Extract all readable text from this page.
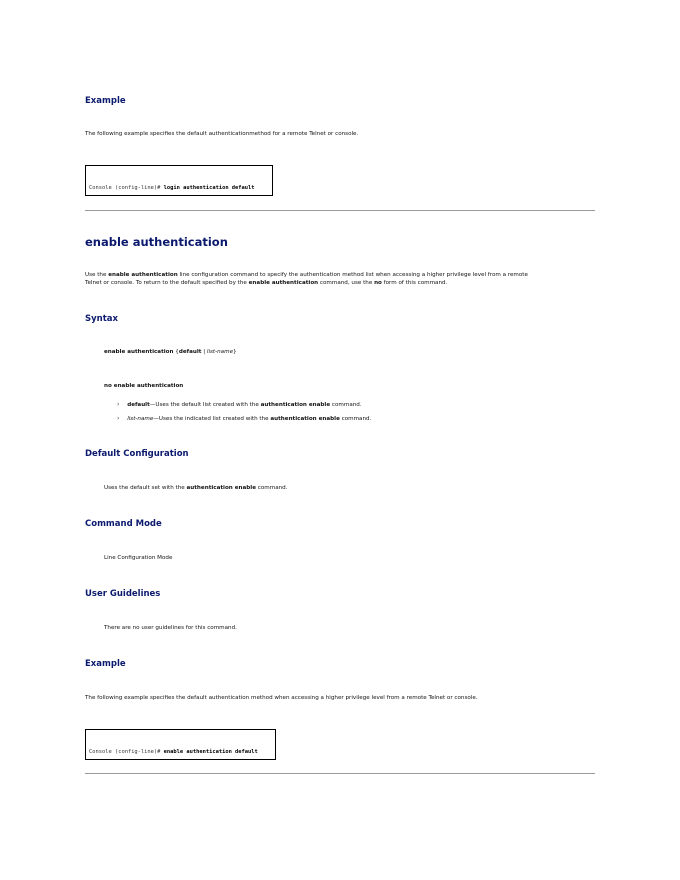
Example
The following example specifies the default authenticationmethod for a remote Telnet or console.
Console (config-line)# login authentication default
enable authentication
Use the enable authentication line configuration command to specify the authentication method list when accessing a higher privilege level from a remote
Telnet or console. To return to the default specified by the enable authentication command, use the no form of this command.
Syntax
enable authentication {default | list-name}
no enable authentication
› default—Uses the default list created with the authentication enable command.
› list-name—Uses the indicated list created with the authentication enable command.
Default Configuration
Uses the default set with the authentication enable command.
Command Mode
Line Configuration Mode
User Guidelines
There are no user guidelines for this command.
Example
The following example specifies the default authentication method when accessing a higher privilege level from a remote Telnet or console.
Console (config-line)# enable authentication default
